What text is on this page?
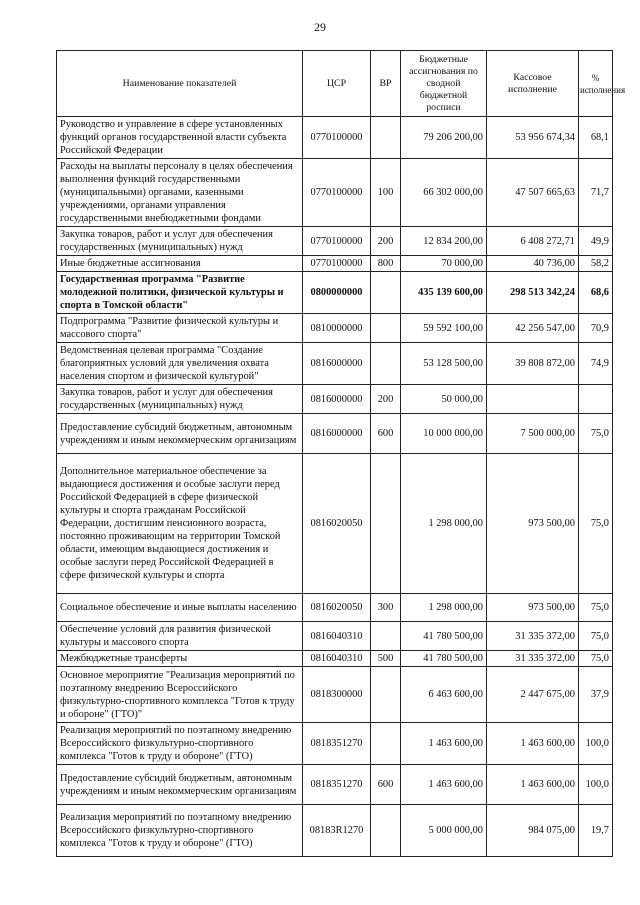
29
Наименование показателей	ЦСР	ВР	Бюджетные ассигнования по сводной бюджетной росписи	Кассовое исполнение	% исполнения
Руководство и управление в сфере установленных функций органов государственной власти субъекта Российской Федерации	0770100000		79 206 200,00	53 956 674,34	68,1
Расходы на выплаты персоналу в целях обеспечения выполнения функций государственными (муниципальными) органами, казенными учреждениями, органами управления государственными внебюджетными фондами	0770100000	100	66 302 000,00	47 507 665,63	71,7
Закупка товаров, работ и услуг для обеспечения государственных (муниципальных) нужд	0770100000	200	12 834 200,00	6 408 272,71	49,9
Иные бюджетные ассигнования	0770100000	800	70 000,00	40 736,00	58,2
Государственная программа "Развитие молодежной политики, физической культуры и спорта в Томской области"	0800000000		435 139 600,00	298 513 342,24	68,6
Подпрограмма "Развитие физической культуры и массового спорта"	0810000000		59 592 100,00	42 256 547,00	70,9
Ведомственная целевая программа "Создание благоприятных условий для увеличения охвата населения спортом и физической культурой"	0816000000		53 128 500,00	39 808 872,00	74,9
Закупка товаров, работ и услуг для обеспечения государственных (муниципальных) нужд	0816000000	200	50 000,00		
Предоставление субсидий бюджетным, автономным учреждениям и иным некоммерческим организациям	0816000000	600	10 000 000,00	7 500 000,00	75,0
Дополнительное материальное обеспечение за выдающиеся достижения и особые заслуги перед Российской Федерацией в сфере физической культуры и спорта гражданам Российской Федерации, достигшим пенсионного возраста, постоянно проживающим на территории Томской области, имеющим выдающиеся достижения и особые заслуги перед Российской Федерацией в сфере физической культуры и спорта	0816020050		1 298 000,00	973 500,00	75,0
Социальное обеспечение и иные выплаты населению	0816020050	300	1 298 000,00	973 500,00	75,0
Обеспечение условий для развития физической культуры и массового спорта	0816040310		41 780 500,00	31 335 372,00	75,0
Межбюджетные трансферты	0816040310	500	41 780 500,00	31 335 372,00	75,0
Основное мероприятие "Реализация мероприятий по поэтапному внедрению Всероссийского физкультурно-спортивного комплекса "Готов к труду и обороне" (ГТО)"	0818300000		6 463 600,00	2 447 675,00	37,9
Реализация мероприятий по поэтапному внедрению Всероссийского физкультурно-спортивного комплекса "Готов к труду и обороне" (ГТО)	0818351270		1 463 600,00	1 463 600,00	100,0
Предоставление субсидий бюджетным, автономным учреждениям и иным некоммерческим организациям	0818351270	600	1 463 600,00	1 463 600,00	100,0
Реализация мероприятий по поэтапному внедрению Всероссийского физкультурно-спортивного комплекса "Готов к труду и обороне" (ГТО)	08183R1270		5 000 000,00	984 075,00	19,7
